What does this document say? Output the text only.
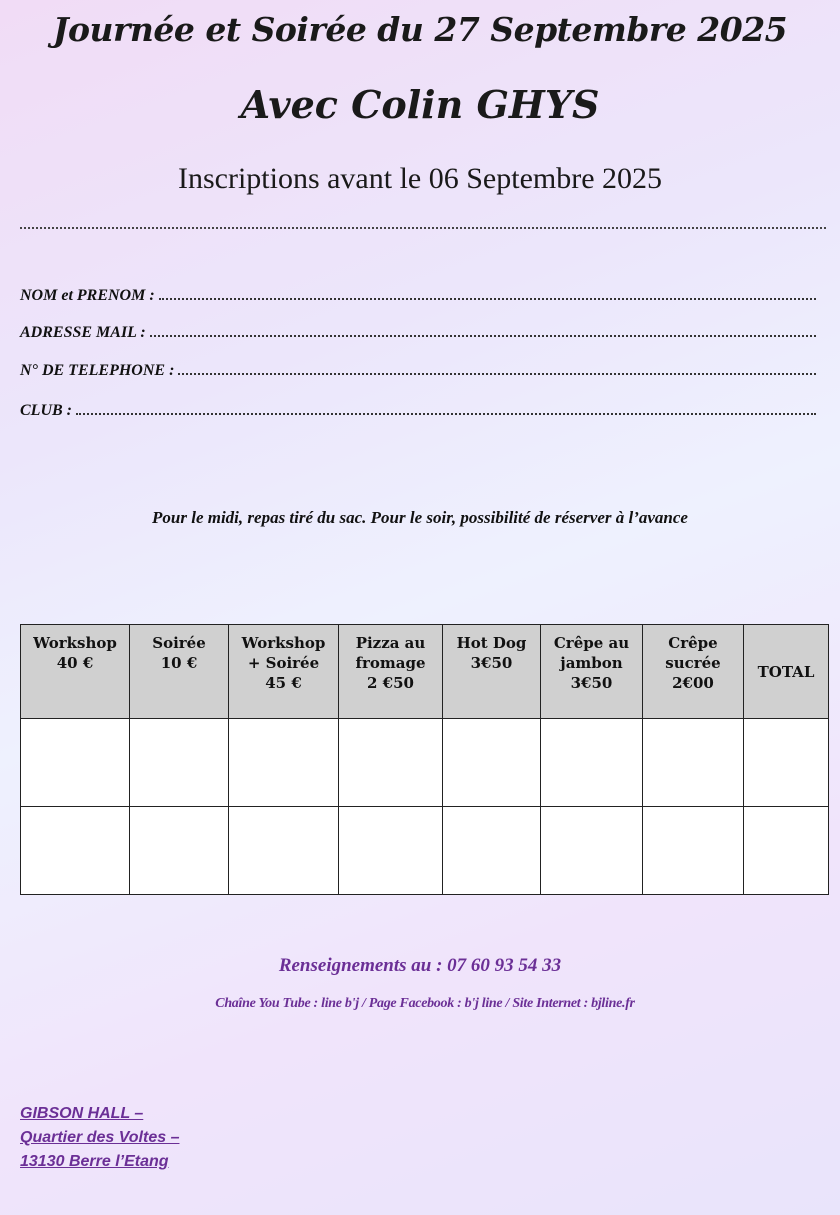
Journée et Soirée du 27 Septembre 2025
Avec Colin GHYS
Inscriptions avant le 06 Septembre 2025
NOM et PRENOM :
ADRESSE MAIL :
N° DE TELEPHONE :
CLUB :
Pour le midi, repas tiré du sac. Pour le soir, possibilité de réserver à l’avance
Workshop
40 €	Soirée
10 €	Workshop
+ Soirée
45 €	Pizza au
fromage
2 €50	Hot Dog
3€50	Crêpe au
jambon
3€50	Crêpe
sucrée
2€00	TOTAL

Renseignements au : 07 60 93 54 33
Chaîne You Tube : line b'j / Page Facebook : b'j line / Site Internet : bjline.fr
GIBSON HALL –
Quartier des Voltes –
13130 Berre l’Etang
